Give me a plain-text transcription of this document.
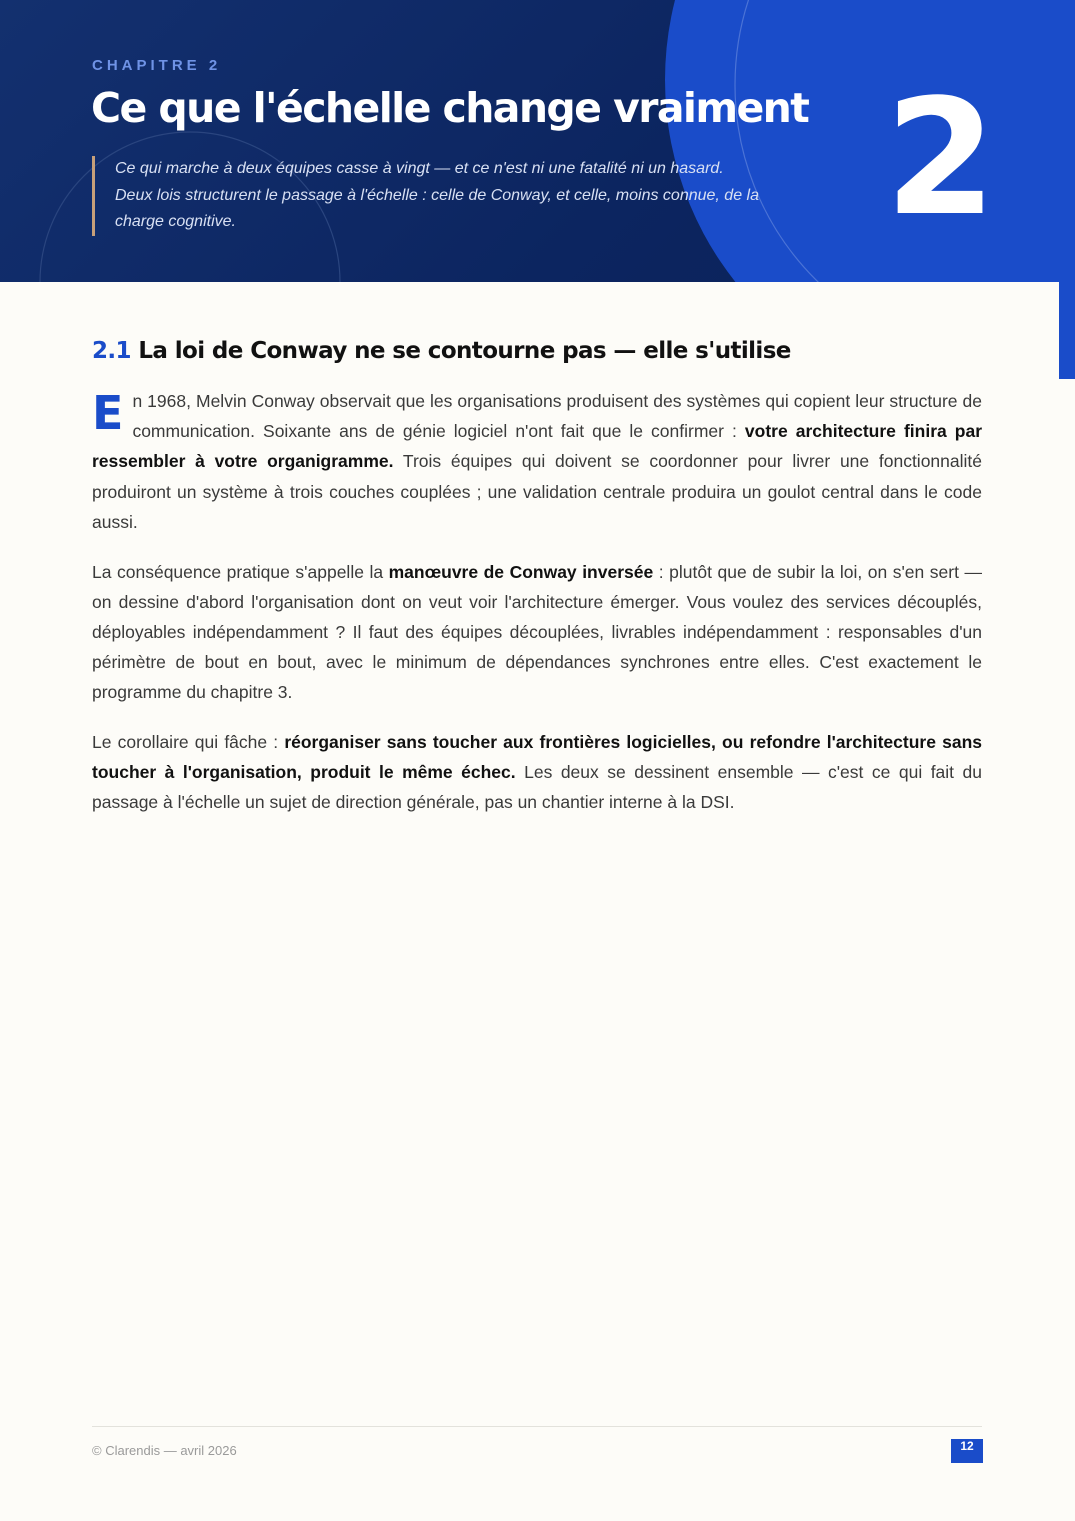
CHAPITRE 2
Ce que l'échelle change vraiment
Ce qui marche à deux équipes casse à vingt — et ce n'est ni une fatalité ni un hasard. Deux lois structurent le passage à l'échelle : celle de Conway, et celle, moins connue, de la charge cognitive.	2
2.1 La loi de Conway ne se contourne pas — elle s'utilise

En 1968, Melvin Conway observait que les organisations produisent des systèmes qui copient leur structure de communication. Soixante ans de génie logiciel n'ont fait que le confirmer : votre architecture finira par ressembler à votre organigramme. Trois équipes qui doivent se coordonner pour livrer une fonctionnalité produiront un système à trois couches couplées ; une validation centrale produira un goulot central dans le code aussi.

La conséquence pratique s'appelle la manœuvre de Conway inversée : plutôt que de subir la loi, on s'en sert — on dessine d'abord l'organisation dont on veut voir l'architecture émerger. Vous voulez des services découplés, déployables indépendamment ? Il faut des équipes découplées, livrables indépendamment : responsables d'un périmètre de bout en bout, avec le minimum de dépendances synchrones entre elles. C'est exactement le programme du chapitre 3.

Le corollaire qui fâche : réorganiser sans toucher aux frontières logicielles, ou refondre l'architecture sans toucher à l'organisation, produit le même échec. Les deux se dessinent ensemble — c'est ce qui fait du passage à l'échelle un sujet de direction générale, pas un chantier interne à la DSI.

© Clarendis — avril 2026	12
